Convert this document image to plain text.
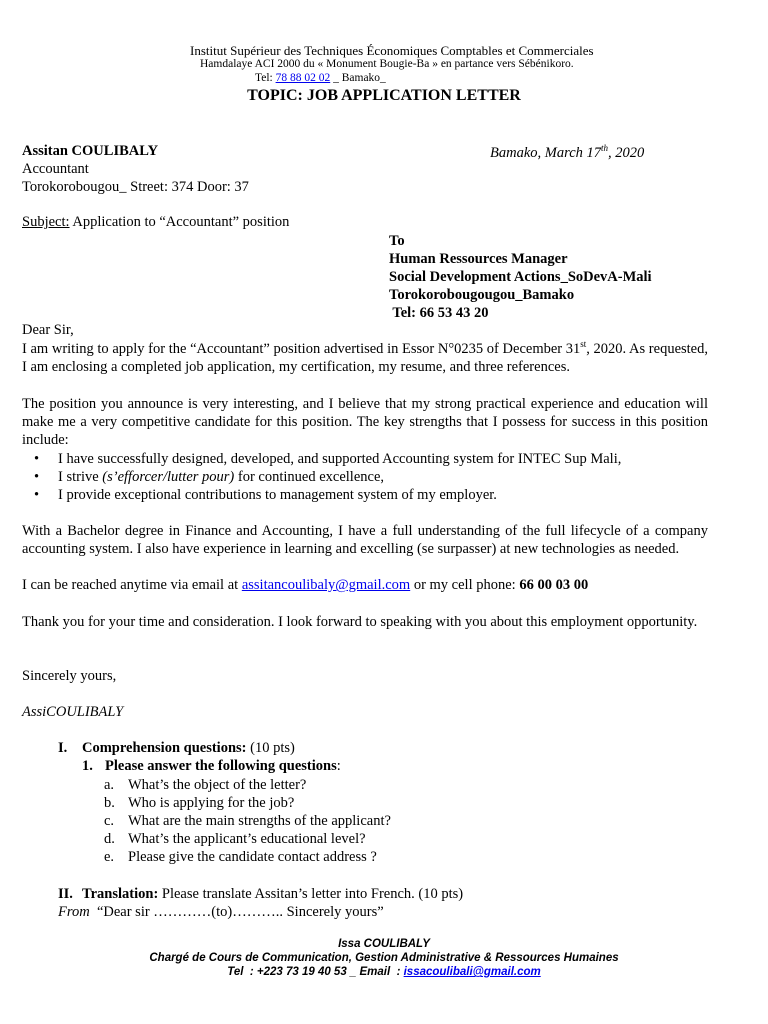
Institut Supérieur des Techniques Économiques Comptables et Commerciales
Hamdalaye ACI 2000 du « Monument Bougie-Ba » en partance vers Sébénikoro.
Tel: 78 88 02 02 _ Bamako_
TOPIC: JOB APPLICATION LETTER
Assitan COULIBALY	Bamako, March 17th, 2020
Accountant
Torokorobougou_ Street: 374 Door: 37
Subject: Application to “Accountant” position
To
Human Ressources Manager
Social Development Actions_SoDevA-Mali
Torokorobougougou_Bamako
Tel: 66 53 43 20
Dear Sir,
I am writing to apply for the “Accountant” position advertised in Essor N°0235 of December 31st, 2020. As requested, I am enclosing a completed job application, my certification, my resume, and three references.
The position you announce is very interesting, and I believe that my strong practical experience and education will make me a very competitive candidate for this position. The key strengths that I possess for success in this position include:
• I have successfully designed, developed, and supported Accounting system for INTEC Sup Mali,
• I strive (s’efforcer/lutter pour) for continued excellence,
• I provide exceptional contributions to management system of my employer.
With a Bachelor degree in Finance and Accounting, I have a full understanding of the full lifecycle of a company accounting system. I also have experience in learning and excelling (se surpasser) at new technologies as needed.
I can be reached anytime via email at assitancoulibaly@gmail.com or my cell phone: 66 00 03 00
Thank you for your time and consideration. I look forward to speaking with you about this employment opportunity.
Sincerely yours,
AssiCOULIBALY
I. Comprehension questions: (10 pts)
1. Please answer the following questions:
a. What’s the object of the letter?
b. Who is applying for the job?
c. What are the main strengths of the applicant?
d. What’s the applicant’s educational level?
e. Please give the candidate contact address ?
II. Translation: Please translate Assitan’s letter into French. (10 pts)
From  “Dear sir …………(to)……….. Sincerely yours”
Issa COULIBALY
Chargé de Cours de Communication, Gestion Administrative & Ressources Humaines
Tel  : +223 73 19 40 53 _ Email  : issacoulibali@gmail.com
